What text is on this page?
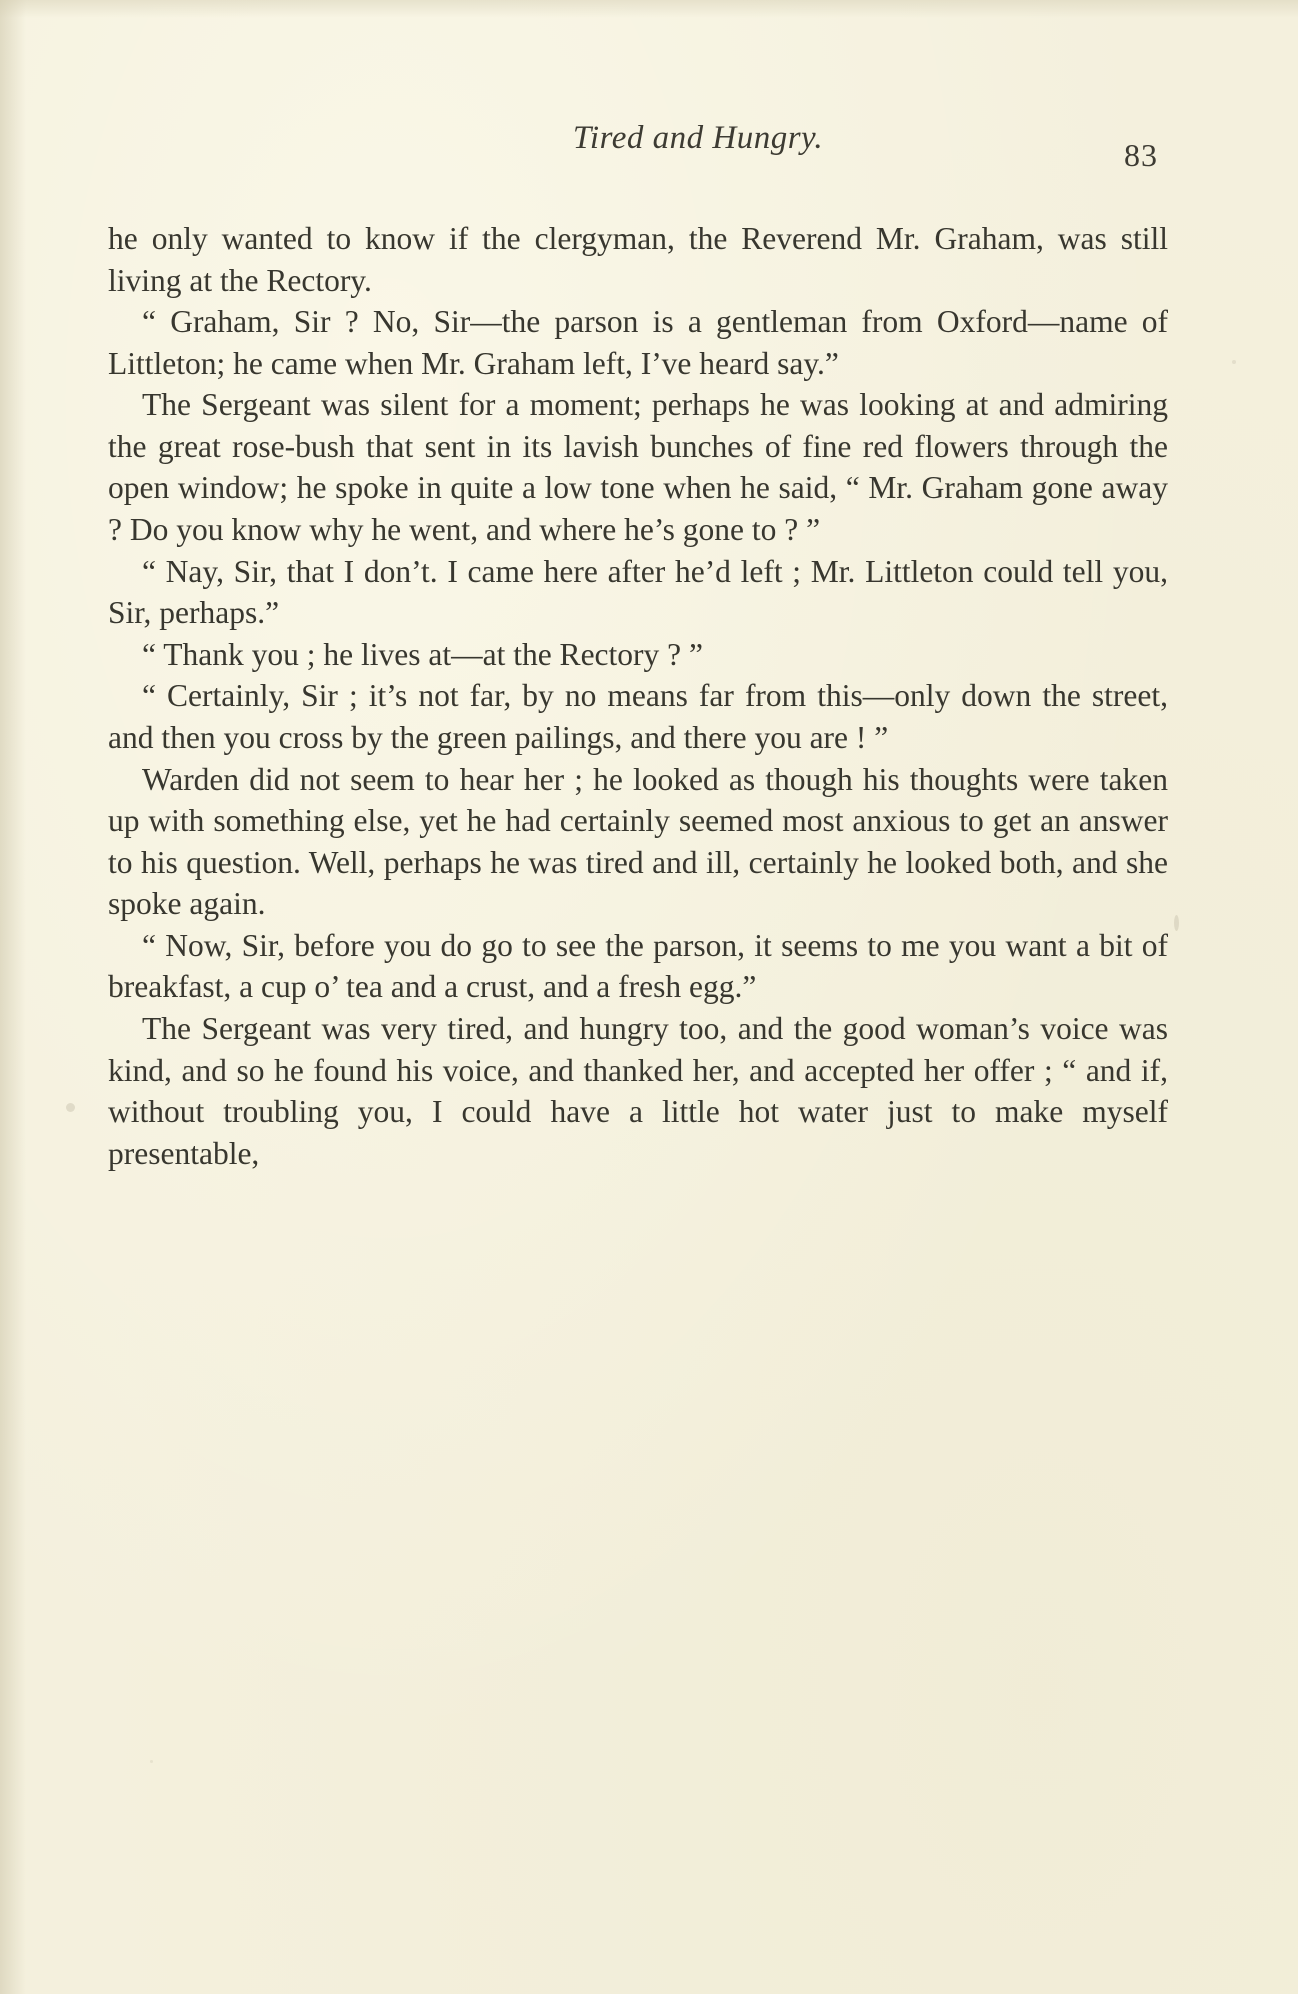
Tired and Hungry.	83

he only wanted to know if the clergyman, the Reverend Mr. Graham, was still living at the Rectory.

“ Graham, Sir ? No, Sir—the parson is a gentleman from Oxford—name of Littleton; he came when Mr. Graham left, I’ve heard say.”

The Sergeant was silent for a moment; perhaps he was looking at and admiring the great rose-bush that sent in its lavish bunches of fine red flowers through the open window; he spoke in quite a low tone when he said, “ Mr. Graham gone away ? Do you know why he went, and where he’s gone to ? ”

“ Nay, Sir, that I don’t. I came here after he’d left ; Mr. Littleton could tell you, Sir, perhaps.”

“ Thank you ; he lives at—at the Rectory ? ”

“ Certainly, Sir ; it’s not far, by no means far from this—only down the street, and then you cross by the green pailings, and there you are ! ”

Warden did not seem to hear her ; he looked as though his thoughts were taken up with something else, yet he had certainly seemed most anxious to get an answer to his question. Well, perhaps he was tired and ill, certainly he looked both, and she spoke again.

“ Now, Sir, before you do go to see the parson, it seems to me you want a bit of breakfast, a cup o’ tea and a crust, and a fresh egg.”

The Sergeant was very tired, and hungry too, and the good woman’s voice was kind, and so he found his voice, and thanked her, and accepted her offer ; “ and if, without troubling you, I could have a little hot water just to make myself presentable,
